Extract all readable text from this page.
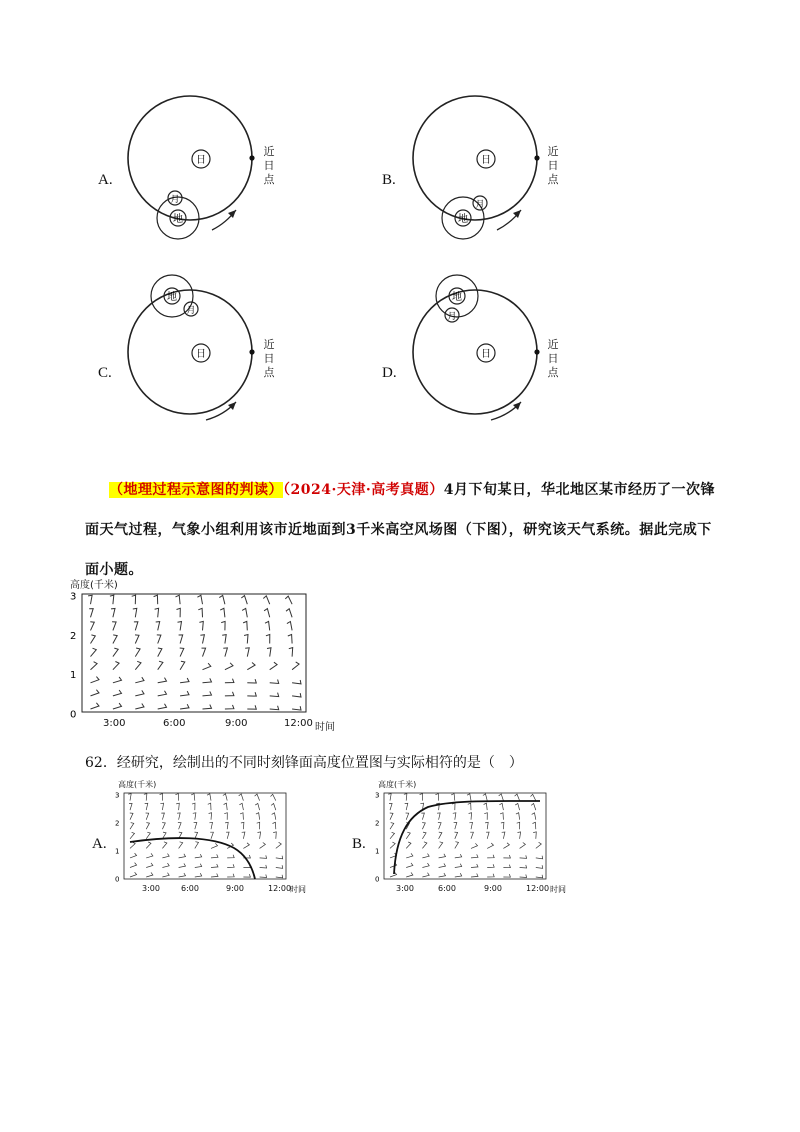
A.
日
地
月
近日点	B.
日
地
月
近日点
C.
日
地
月
近日点	D.
日
地
月
近日点
（地理过程示意图的判读）（2024·天津·高考真题）4月下旬某日，华北地区某市经历了一次锋面天气过程，气象小组利用该市近地面到3千米高空风场图（下图），研究该天气系统。据此完成下面小题。
高度(千米)
3
2
1
0
3:00	6:00	9:00	12:00 时间
62．经研究，绘制出的不同时刻锋面高度位置图与实际相符的是（　）
A.
高度(千米)
3
2
1
0
3:00	6:00	9:00	12:00
时间
B.
高度(千米)
3
2
1
0
3:00	6:00	9:00	12:00 时间
